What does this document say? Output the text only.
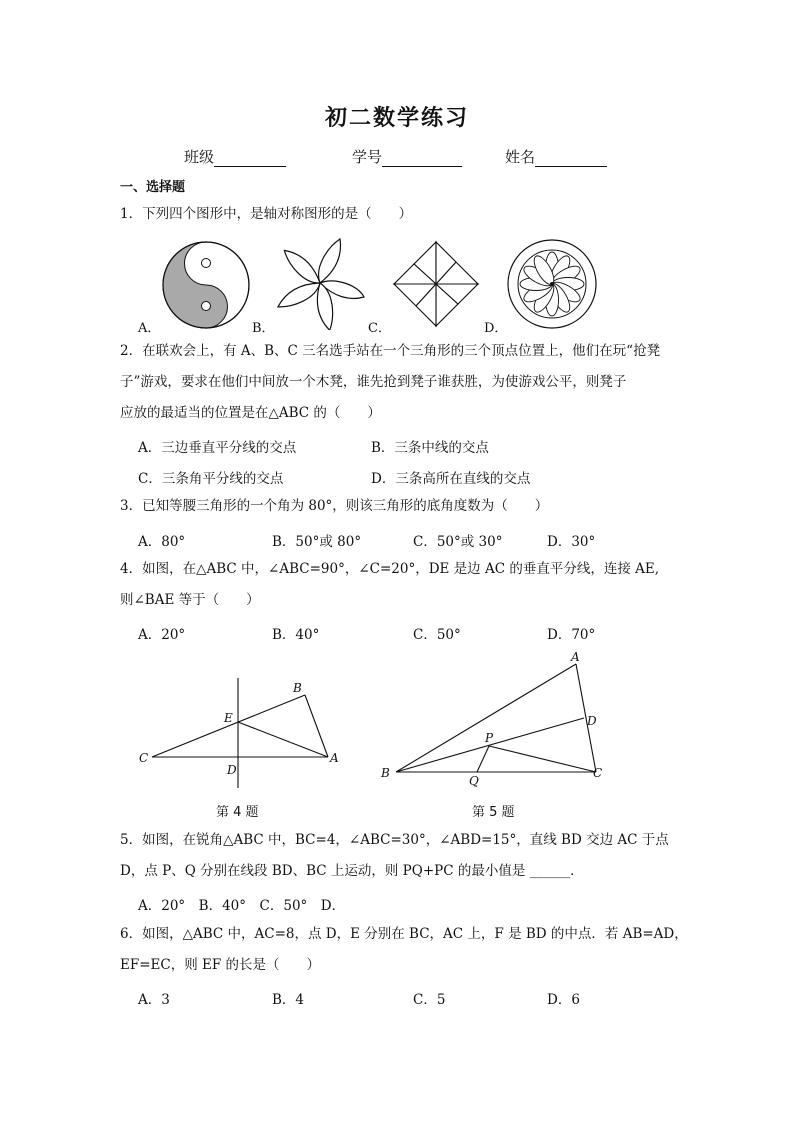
初二数学练习
班级	学号	姓名
一、选择题
1．下列四个图形中，是轴对称图形的是（　　）
A．	B．	C．	D．
2．在联欢会上，有 A、B、C 三名选手站在一个三角形的三个顶点位置上，他们在玩“抢凳
子”游戏，要求在他们中间放一个木凳，谁先抢到凳子谁获胜，为使游戏公平，则凳子
应放的最适当的位置是在△ABC 的（　　）
A．三边垂直平分线的交点	B．三条中线的交点
C．三条角平分线的交点	D．三条高所在直线的交点
3．已知等腰三角形的一个角为 80°，则该三角形的底角度数为（　　）
A．80°	B．50°或 80°	C．50°或 30°	D．30°
4．如图，在△ABC 中，∠ABC=90°，∠C=20°，DE 是边 AC 的垂直平分线，连接 AE,
则∠BAE 等于（　　）
A．20°	B．40°	C．50°	D．70°
B
E
C
D
A
第 4 题
A
D
P
B
Q
C
第 5 题
5．如图，在锐角△ABC 中，BC=4，∠ABC=30°，∠ABD=15°，直线 BD 交边 AC 于点
D，点 P、Q 分别在线段 BD、BC 上运动，则 PQ+PC 的最小值是 ______．
A．20°　B．40°　C．50°　D．
6．如图，△ABC 中，AC=8，点 D，E 分别在 BC，AC 上，F 是 BD 的中点．若 AB=AD，
EF=EC，则 EF 的长是（　　）
A．3	B．4	C．5	D．6
